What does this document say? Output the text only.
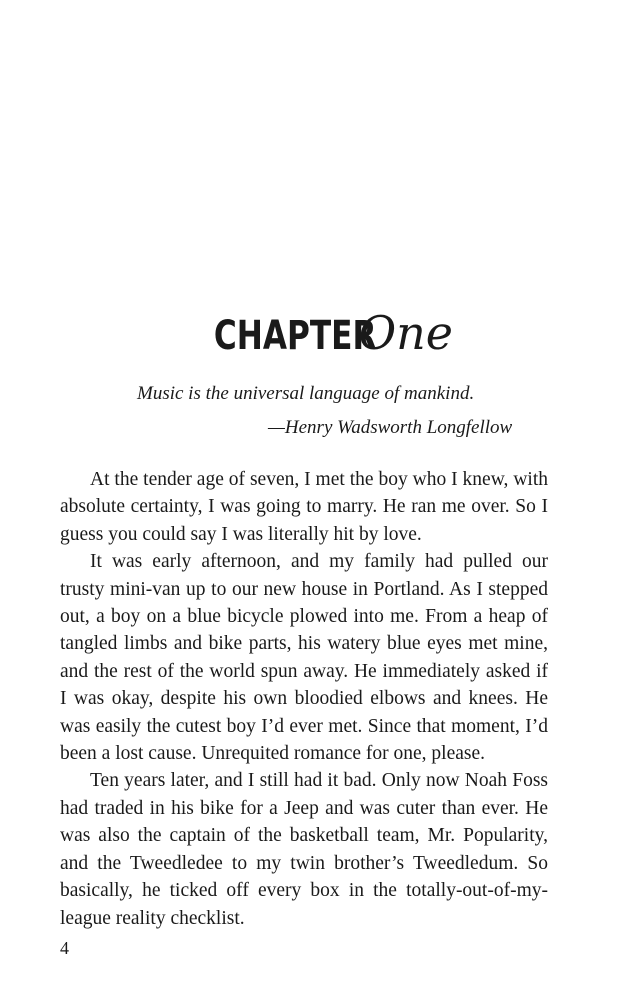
CHAPTER One

Music is the universal language of mankind.

—Henry Wadsworth Longfellow

At the tender age of seven, I met the boy who I knew, with absolute certainty, I was going to marry. He ran me over. So I guess you could say I was literally hit by love.

It was early afternoon, and my family had pulled our trusty mini-van up to our new house in Portland. As I stepped out, a boy on a blue bicycle plowed into me. From a heap of tangled limbs and bike parts, his watery blue eyes met mine, and the rest of the world spun away. He immediately asked if I was okay, despite his own bloodied elbows and knees. He was easily the cutest boy I’d ever met. Since that moment, I’d been a lost cause. Unrequited romance for one, please.

Ten years later, and I still had it bad. Only now Noah Foss had traded in his bike for a Jeep and was cuter than ever. He was also the captain of the basketball team, Mr. Popularity, and the Tweedledee to my twin brother’s Tweedledum. So basically, he ticked off every box in the totally-out-of-my-league reality checklist.

4
